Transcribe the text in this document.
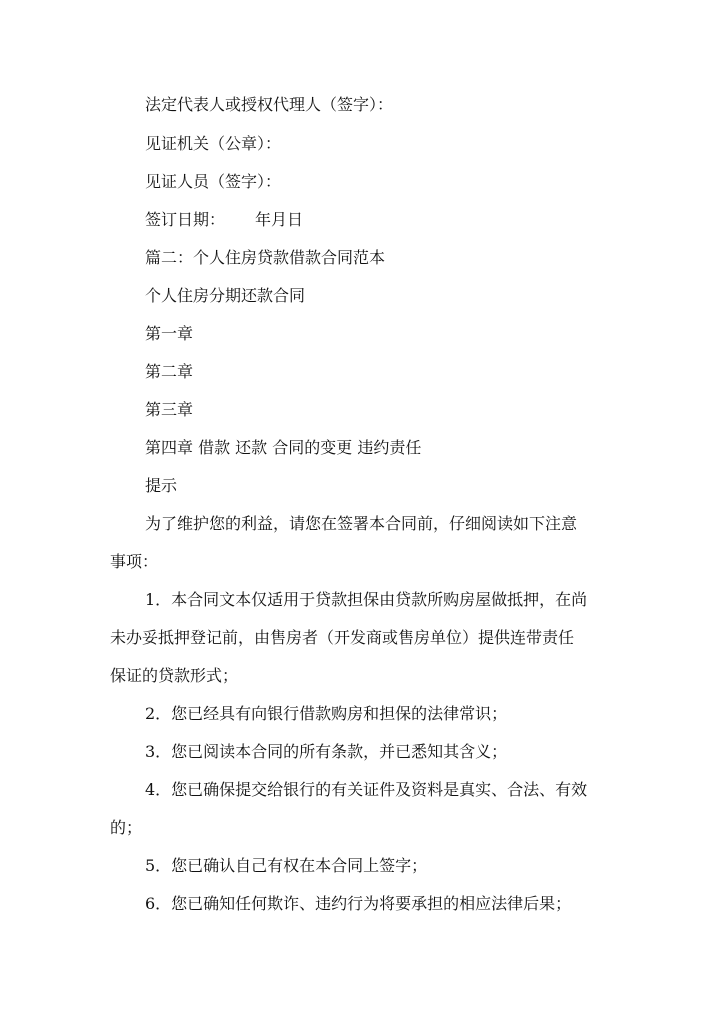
法定代表人或授权代理人（签字）：
见证机关（公章）：
见证人员（签字）：
签订日期： 年月日
篇二：个人住房贷款借款合同范本
个人住房分期还款合同
第一章
第二章
第三章
第四章 借款 还款 合同的变更 违约责任
提示
为了维护您的利益，请您在签署本合同前，仔细阅读如下注意
事项：
1．本合同文本仅适用于贷款担保由贷款所购房屋做抵押，在尚
未办妥抵押登记前，由售房者（开发商或售房单位）提供连带责任
保证的贷款形式；
2．您已经具有向银行借款购房和担保的法律常识；
3．您已阅读本合同的所有条款，并已悉知其含义；
4．您已确保提交给银行的有关证件及资料是真实、合法、有效
的；
5．您已确认自己有权在本合同上签字；
6．您已确知任何欺诈、违约行为将要承担的相应法律后果；
